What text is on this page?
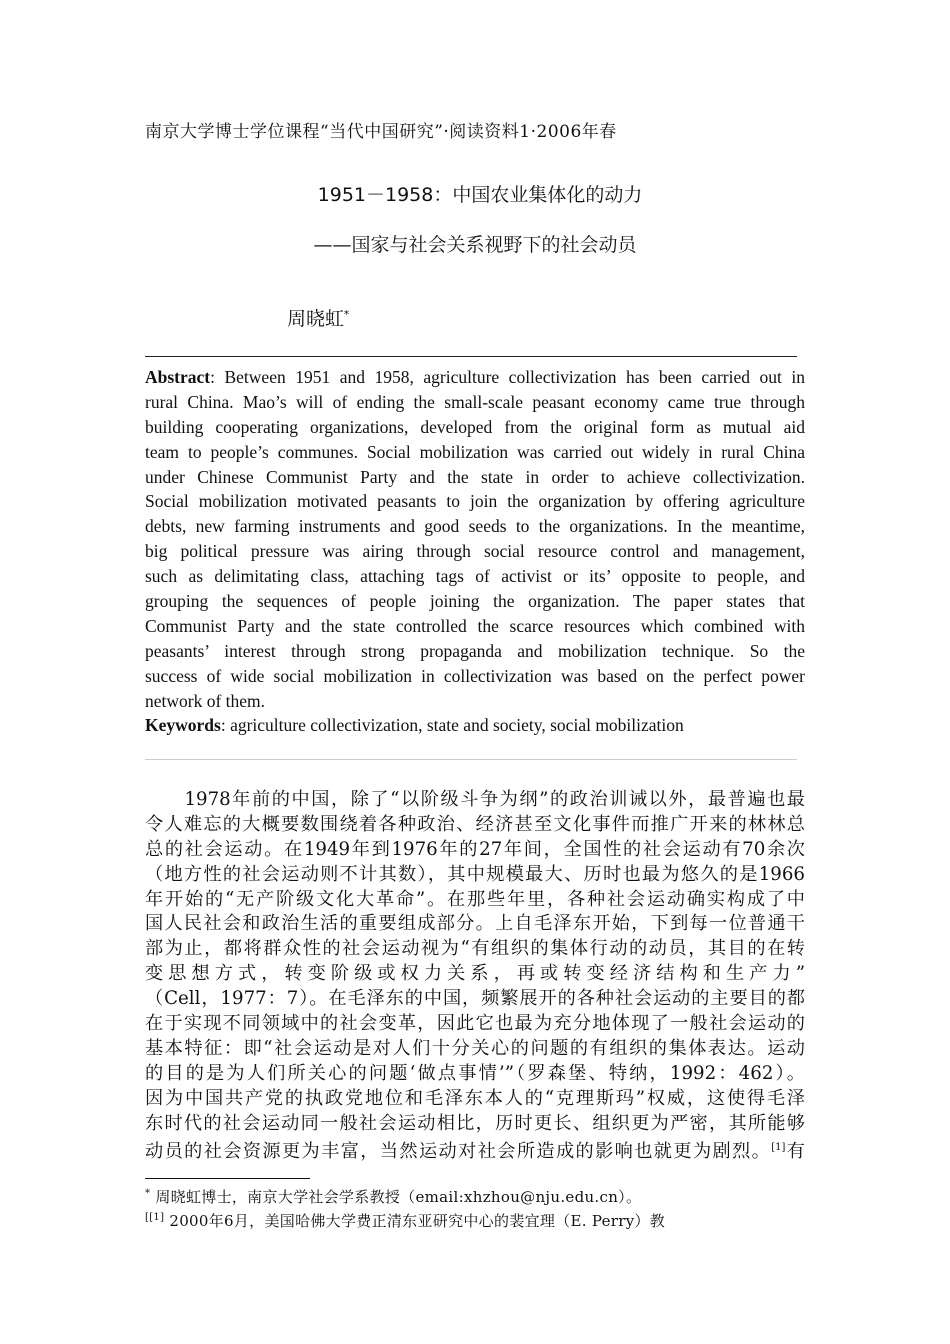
南京大学博士学位课程“当代中国研究”·阅读资料1·2006年春
1951－1958：中国农业集体化的动力
——国家与社会关系视野下的社会动员
周晓虹*
Abstract: Between 1951 and 1958, agriculture collectivization has been carried out in
rural China. Mao’s will of ending the small-scale peasant economy came true through
building cooperating organizations, developed from the original form as mutual aid
team to people’s communes. Social mobilization was carried out widely in rural China
under Chinese Communist Party and the state in order to achieve collectivization.
Social mobilization motivated peasants to join the organization by offering agriculture
debts, new farming instruments and good seeds to the organizations. In the meantime,
big political pressure was airing through social resource control and management,
such as delimitating class, attaching tags of activist or its’ opposite to people, and
grouping the sequences of people joining the organization. The paper states that
Communist Party and the state controlled the scarce resources which combined with
peasants’ interest through strong propaganda and mobilization technique. So the
success of wide social mobilization in collectivization was based on the perfect power
network of them.
Keywords: agriculture collectivization, state and society, social mobilization
　　1978年前的中国，除了“以阶级斗争为纲”的政治训诫以外，最普遍也最
令人难忘的大概要数围绕着各种政治、经济甚至文化事件而推广开来的林林总
总的社会运动。在1949年到1976年的27年间，全国性的社会运动有70余次
（地方性的社会运动则不计其数），其中规模最大、历时也最为悠久的是1966
年开始的“无产阶级文化大革命”。在那些年里，各种社会运动确实构成了中
国人民社会和政治生活的重要组成部分。上自毛泽东开始，下到每一位普通干
部为止，都将群众性的社会运动视为“有组织的集体行动的动员，其目的在转
变思想方式，转变阶级或权力关系，再或转变经济结构和生产力”
（Cell，1977：7）。在毛泽东的中国，频繁展开的各种社会运动的主要目的都
在于实现不同领域中的社会变革，因此它也最为充分地体现了一般社会运动的
基本特征：即“社会运动是对人们十分关心的问题的有组织的集体表达。运动
的目的是为人们所关心的问题‘做点事情’”（罗森堡、特纳，1992：462）。
因为中国共产党的执政党地位和毛泽东本人的“克理斯玛”权威，这使得毛泽
东时代的社会运动同一般社会运动相比，历时更长、组织更为严密，其所能够
动员的社会资源更为丰富，当然运动对社会所造成的影响也就更为剧烈。[1]有
* 周晓虹博士，南京大学社会学系教授（email:xhzhou@nju.edu.cn）。
[[1] 2000年6月，美国哈佛大学费正清东亚研究中心的裴宜理（E. Perry）教
